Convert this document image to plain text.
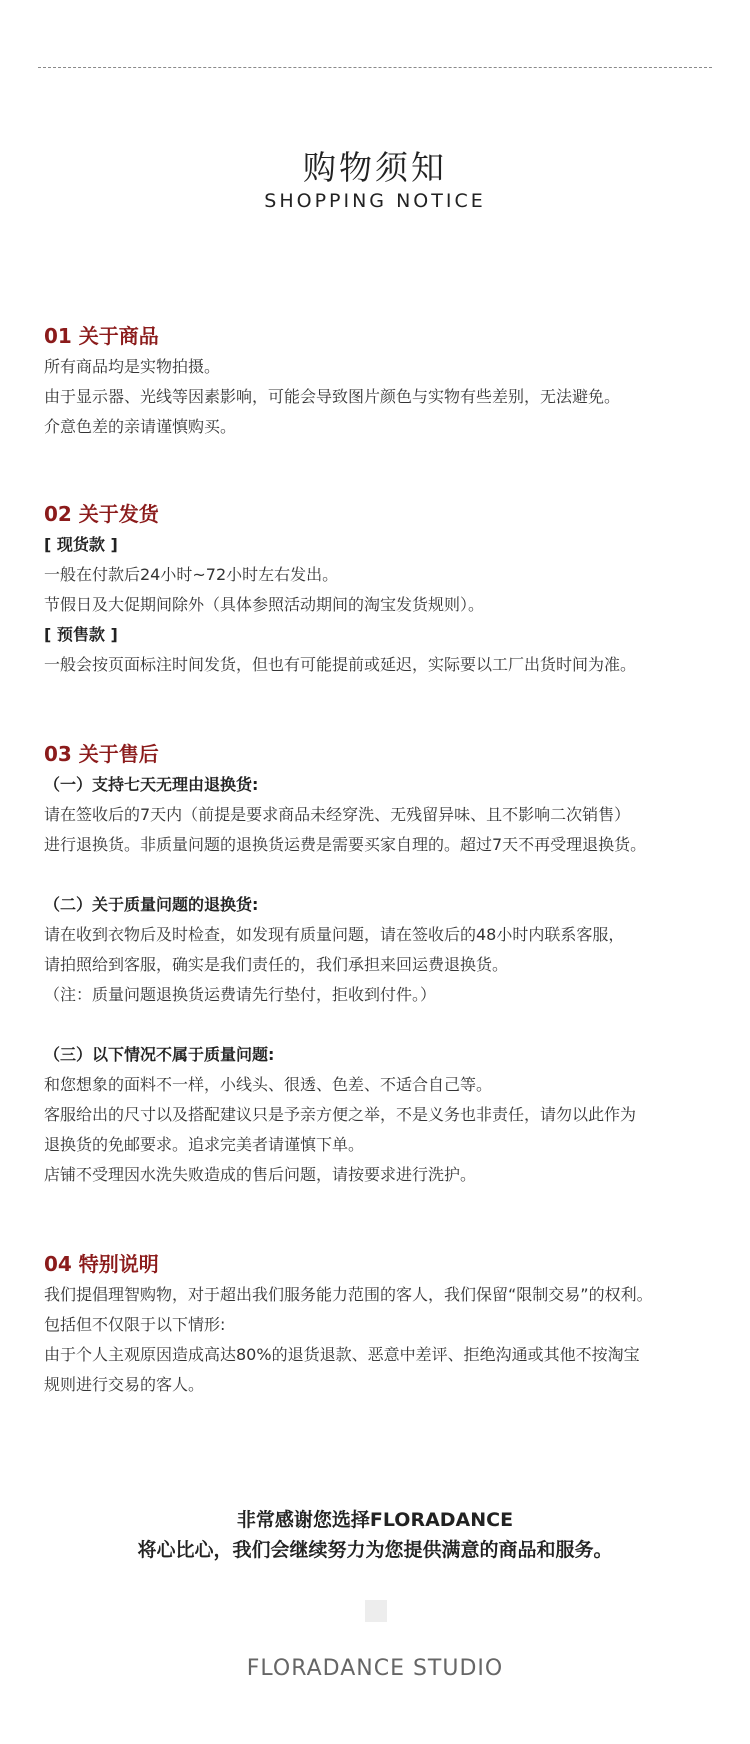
购物须知
SHOPPING NOTICE
01 关于商品
所有商品均是实物拍摄。
由于显示器、光线等因素影响，可能会导致图片颜色与实物有些差别，无法避免。
介意色差的亲请谨慎购买。
02 关于发货
[ 现货款 ]
一般在付款后24小时~72小时左右发出。
节假日及大促期间除外（具体参照活动期间的淘宝发货规则）。
[ 预售款 ]
一般会按页面标注时间发货，但也有可能提前或延迟，实际要以工厂出货时间为准。
03 关于售后
（一）支持七天无理由退换货:
请在签收后的7天内（前提是要求商品未经穿洗、无残留异味、且不影响二次销售）
进行退换货。非质量问题的退换货运费是需要买家自理的。超过7天不再受理退换货。
（二）关于质量问题的退换货:
请在收到衣物后及时检查，如发现有质量问题，请在签收后的48小时内联系客服，
请拍照给到客服，确实是我们责任的，我们承担来回运费退换货。
（注：质量问题退换货运费请先行垫付，拒收到付件。）
（三）以下情况不属于质量问题:
和您想象的面料不一样，小线头、很透、色差、不适合自己等。
客服给出的尺寸以及搭配建议只是予亲方便之举，不是义务也非责任，请勿以此作为
退换货的免邮要求。追求完美者请谨慎下单。
店铺不受理因水洗失败造成的售后问题，请按要求进行洗护。
04 特别说明
我们提倡理智购物，对于超出我们服务能力范围的客人，我们保留“限制交易”的权利。
包括但不仅限于以下情形:
由于个人主观原因造成高达80%的退货退款、恶意中差评、拒绝沟通或其他不按淘宝
规则进行交易的客人。
非常感谢您选择FLORADANCE
将心比心，我们会继续努力为您提供满意的商品和服务。
FLORADANCE STUDIO
